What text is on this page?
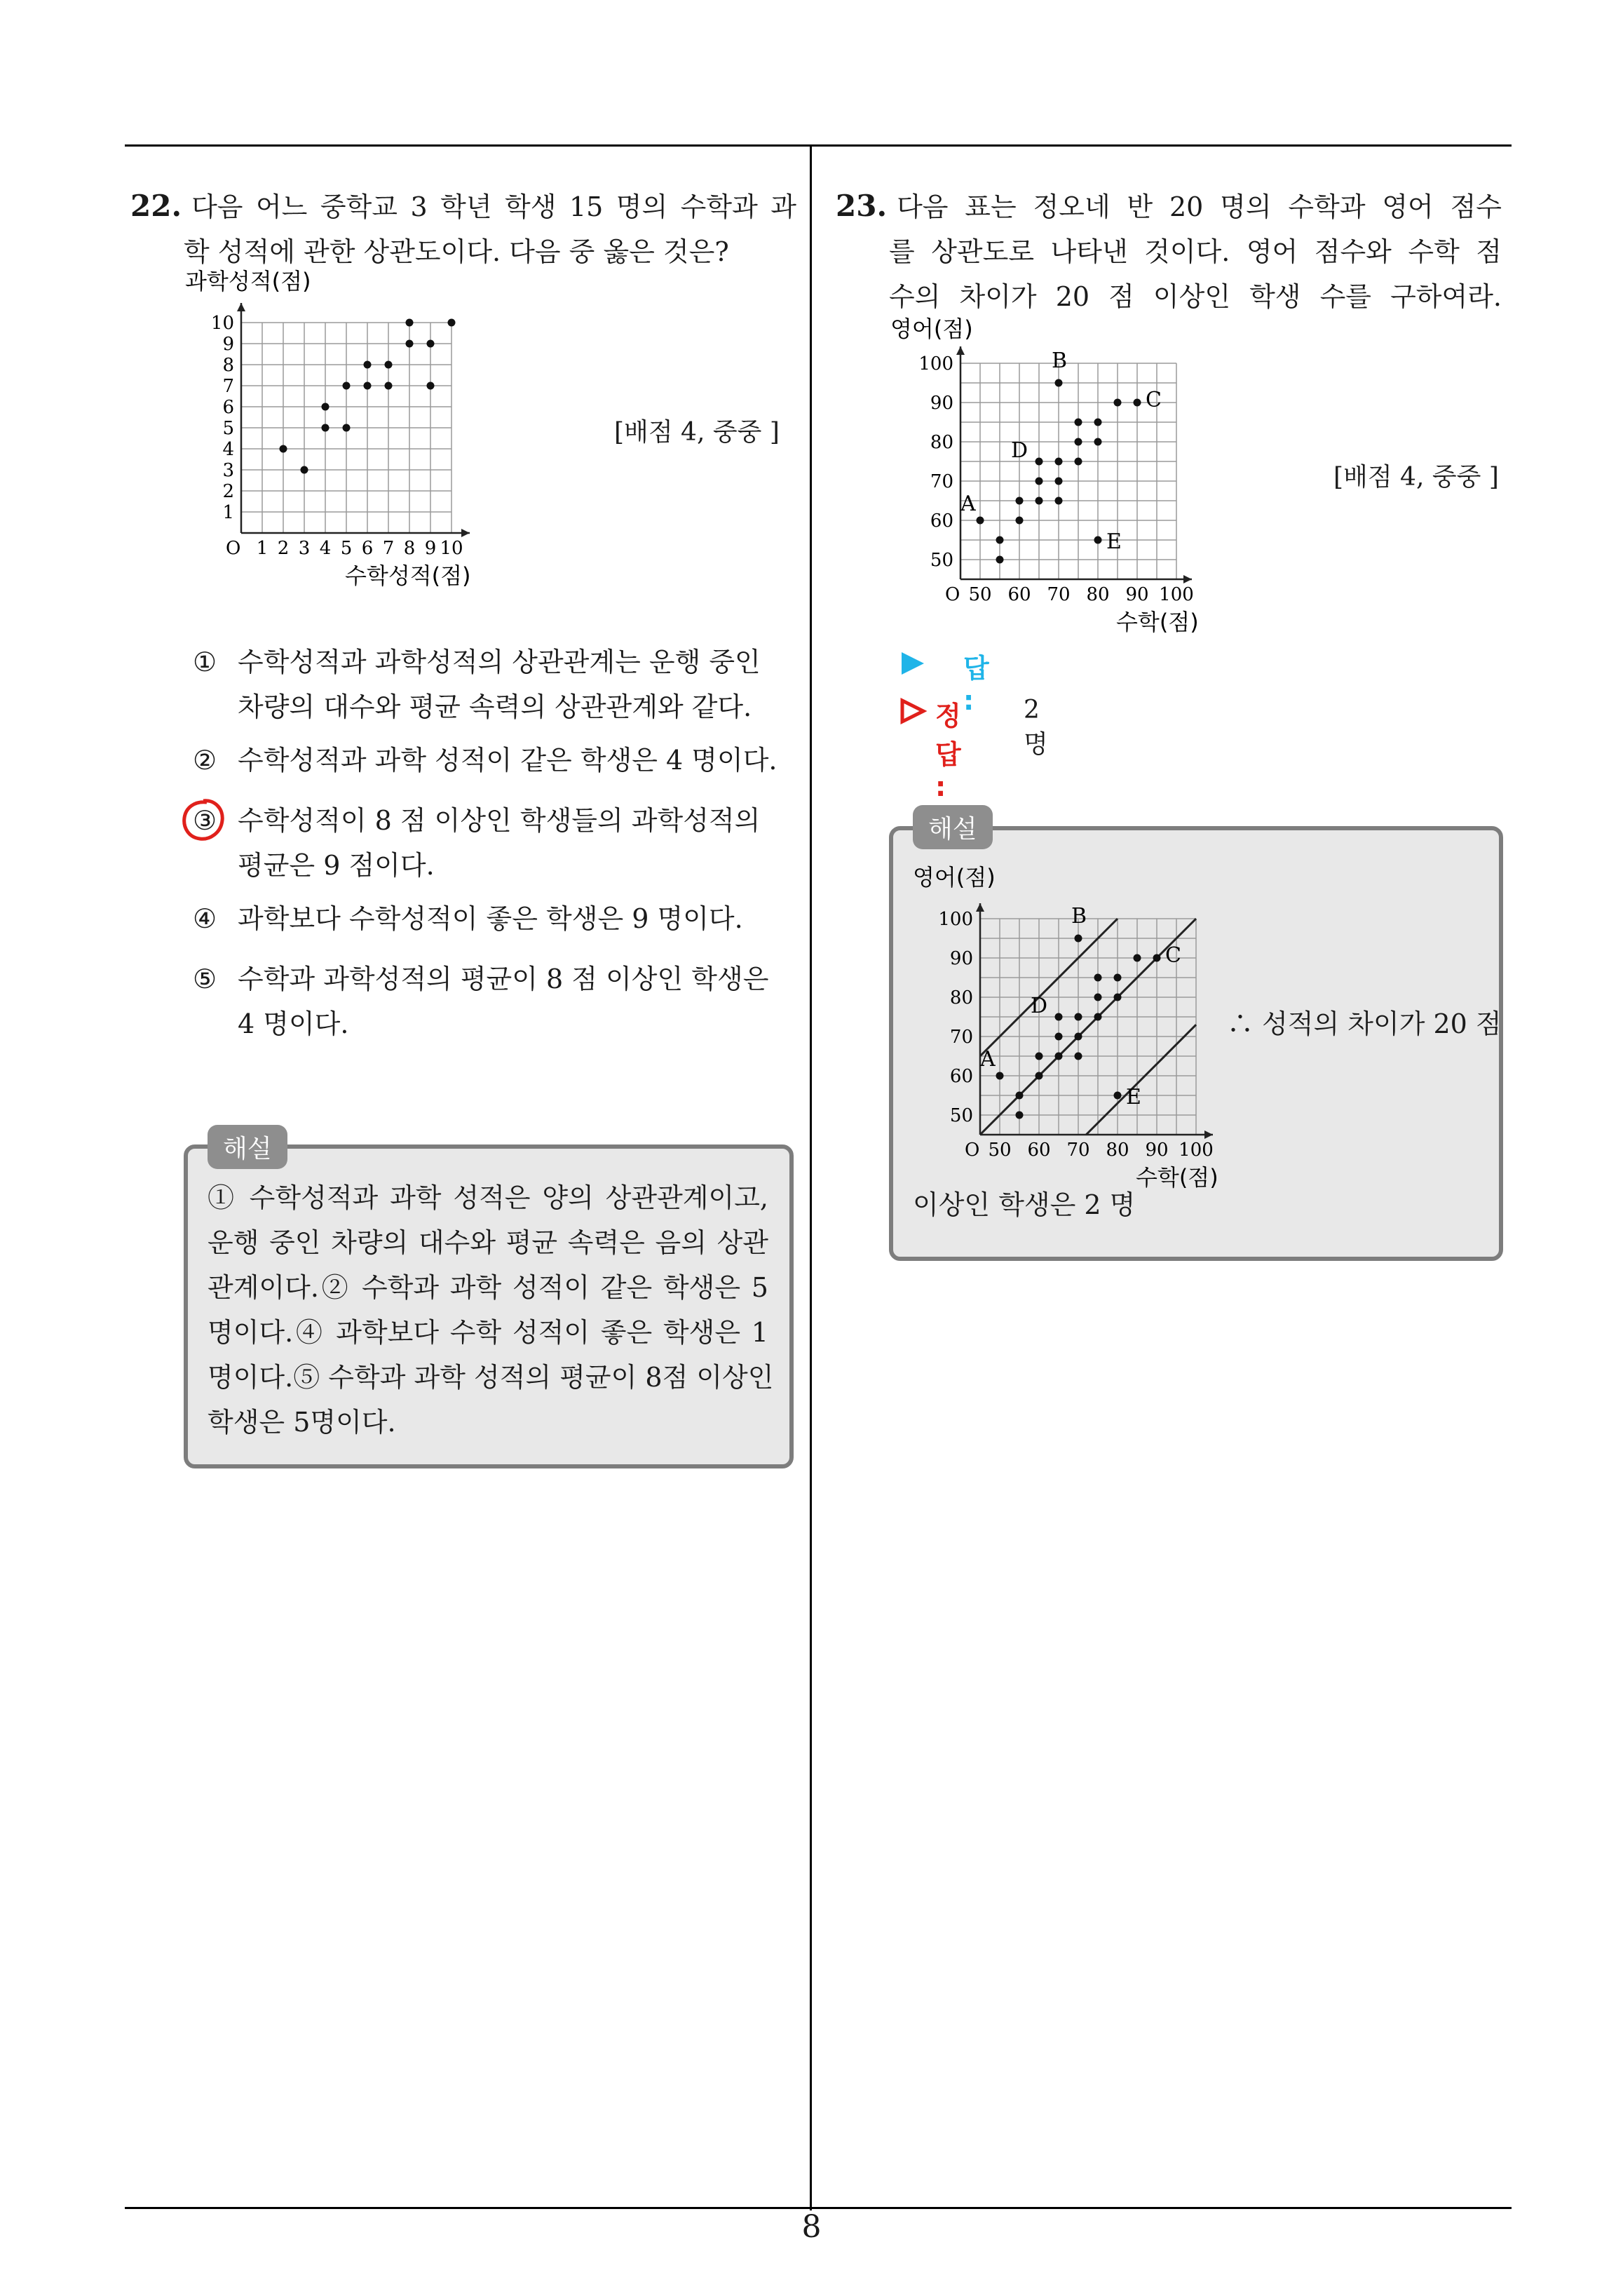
22. 다음 어느 중학교 3 학년 학생 15 명의 수학과 과
학 성적에 관한 상관도이다. 다음 중 옳은 것은?
과학성적(점)
O 1 2 3 4 5 6 7 8 9 10
1
2
3
4
5
6
7
8
9
10
수학성적(점)
[배점 4, 중중 ]
① 수학성적과 과학성적의 상관관계는 운행 중인
차량의 대수와 평균 속력의 상관관계와 같다.
② 수학성적과 과학 성적이 같은 학생은 4 명이다.
③ 수학성적이 8 점 이상인 학생들의 과학성적의
평균은 9 점이다.
④ 과학보다 수학성적이 좋은 학생은 9 명이다.
⑤ 수학과 과학성적의 평균이 8 점 이상인 학생은
4 명이다.
해설
① 수학성적과 과학 성적은 양의 상관관계이고,
운행 중인 차량의 대수와 평균 속력은 음의 상관
관계이다.② 수학과 과학 성적이 같은 학생은 5
명이다.④ 과학보다 수학 성적이 좋은 학생은 1
명이다.⑤ 수학과 과학 성적의 평균이 8점 이상인
학생은 5명이다.
23. 다음 표는 정오네 반 20 명의 수학과 영어 점수
를 상관도로 나타낸 것이다. 영어 점수와 수학 점
수의 차이가 20 점 이상인 학생 수를 구하여라.
영어(점)
O 50 60 70 80 90 100
50
60
70
80
90
100
A
B
C
D
E
수학(점)
[배점 4, 중중 ]
답 :
정답 :
2 명
해설
영어(점)
O 50 60 70 80 90 100
50
60
70
80
90
100
A
B
C
D
E
수학(점)
∴ 성적의 차이가 20 점
이상인 학생은 2 명
8
